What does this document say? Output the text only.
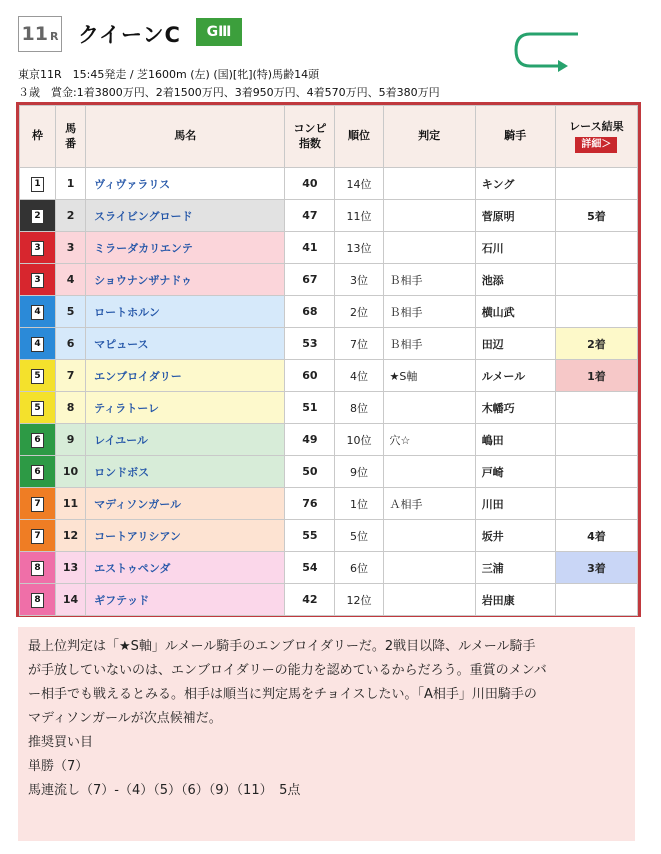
11 R クイーンC	GⅢ
東京11R　15:45発走 / 芝1600m (左) (国)[牝](特)馬齢14頭
３歳　賞金:1着3800万円、2着1500万円、3着950万円、4着570万円、5着380万円
枠	馬番	馬名	コンピ指数	順位	判定	騎手	レース結果
詳細＞
1	1	ヴィヴァラリス	40	14位		キング	
2	2	スライビングロード	47	11位		菅原明	5着
3	3	ミラーダカリエンテ	41	13位		石川	
3	4	ショウナンザナドゥ	67	3位	Ｂ相手	池添	
4	5	ロートホルン	68	2位	Ｂ相手	横山武	
4	6	マピュース	53	7位	Ｂ相手	田辺	2着
5	7	エンブロイダリー	60	4位	★S軸	ルメール	1着
5	8	ティラトーレ	51	8位		木幡巧	
6	9	レイユール	49	10位	穴☆	嶋田	
6	10	ロンドボス	50	9位		戸崎	
7	11	マディソンガール	76	1位	Ａ相手	川田	
7	12	コートアリシアン	55	5位		坂井	4着
8	13	エストゥペンダ	54	6位		三浦	3着
8	14	ギフテッド	42	12位		岩田康	

最上位判定は「★S軸」ルメール騎手のエンブロイダリーだ。2戦目以降、ルメール騎手

が手放していないのは、エンブロイダリーの能力を認めているからだろう。重賞のメンバ

ー相手でも戦えるとみる。相手は順当に判定馬をチョイスしたい。「A相手」川田騎手の

マディソンガールが次点候補だ。

推奨買い目

単勝（7）

馬連流し（7）-（4）（5）（6）（9）（11）　5点
